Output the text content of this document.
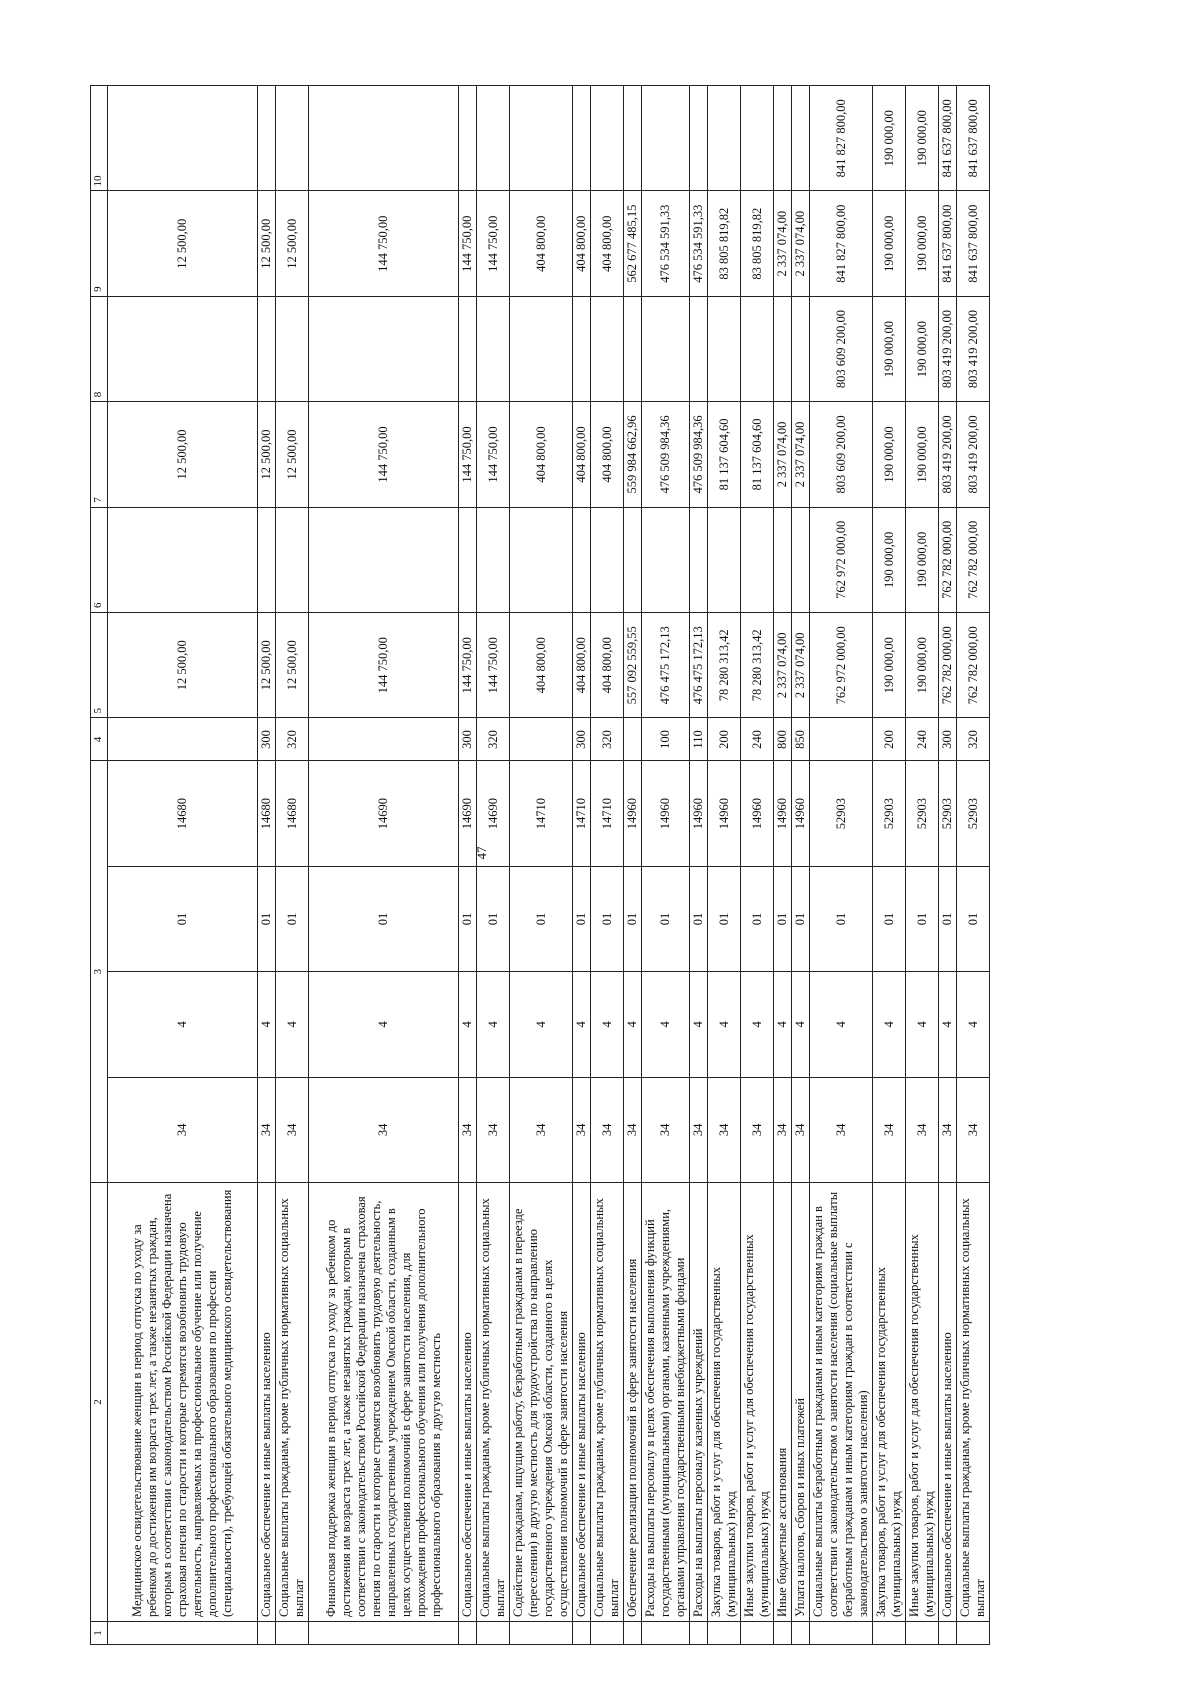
47
1	2	3				4	5	6	7	8	9	10
	Медицинское освидетельствование женщин в период отпуска по уходу за ребенком до достижения им возраста трех лет, а также незанятых граждан, которым в соответствии с законодательством Российской Федерации назначена страховая пенсия по старости и которые стремятся возобновить трудовую деятельность, направляемых на профессиональное обучение или получение дополнительного профессионального образования по профессии (специальности), требующей обязательного медицинского освидетельствования	34	4	01	14680		12 500,00		12 500,00		12 500,00	
	Социальное обеспечение и иные выплаты населению	34	4	01	14680	300	12 500,00		12 500,00		12 500,00	
	Социальные выплаты гражданам, кроме публичных нормативных социальных выплат	34	4	01	14680	320	12 500,00		12 500,00		12 500,00	
	Финансовая поддержка женщин в период отпуска по уходу за ребенком до достижения им возраста трех лет, а также незанятых граждан, которым в соответствии с законодательством Российской Федерации назначена страховая пенсия по старости и которые стремятся возобновить трудовую деятельность, направленных государственным учреждением Омской области, созданным в целях осуществления полномочий в сфере занятости населения, для прохождения профессионального обучения или получения дополнительного профессионального образования в другую местность	34	4	01	14690		144 750,00		144 750,00		144 750,00	
	Социальное обеспечение и иные выплаты населению	34	4	01	14690	300	144 750,00		144 750,00		144 750,00	
	Социальные выплаты гражданам, кроме публичных нормативных социальных выплат	34	4	01	14690	320	144 750,00		144 750,00		144 750,00	
	Содействие гражданам, ищущим работу, безработным гражданам в переезде (переселении) в другую местность для трудоустройства по направлению государственного учреждения Омской области, созданного в целях осуществления полномочий в сфере занятости населения	34	4	01	14710		404 800,00		404 800,00		404 800,00	
	Социальное обеспечение и иные выплаты населению	34	4	01	14710	300	404 800,00		404 800,00		404 800,00	
	Социальные выплаты гражданам, кроме публичных нормативных социальных выплат	34	4	01	14710	320	404 800,00		404 800,00		404 800,00	
	Обеспечение реализации полномочий в сфере занятости населения	34	4	01	14960		557 092 559,55		559 984 662,96		562 677 485,15	
	Расходы на выплаты персоналу в целях обеспечения выполнения функций государственными (муниципальными) органами, казенными учреждениями, органами управления государственными внебюджетными фондами	34	4	01	14960	100	476 475 172,13		476 509 984,36		476 534 591,33	
	Расходы на выплаты персоналу казенных учреждений	34	4	01	14960	110	476 475 172,13		476 509 984,36		476 534 591,33	
	Закупка товаров, работ и услуг для обеспечения государственных (муниципальных) нужд	34	4	01	14960	200	78 280 313,42		81 137 604,60		83 805 819,82	
	Иные закупки товаров, работ и услуг для обеспечения государственных (муниципальных) нужд	34	4	01	14960	240	78 280 313,42		81 137 604,60		83 805 819,82	
	Иные бюджетные ассигнования	34	4	01	14960	800	2 337 074,00		2 337 074,00		2 337 074,00	
	Уплата налогов, сборов и иных платежей	34	4	01	14960	850	2 337 074,00		2 337 074,00		2 337 074,00	
	Социальные выплаты безработным гражданам и иным категориям граждан в соответствии с законодательством о занятости населения (социальные выплаты безработным гражданам и иным категориям граждан в соответствии с законодательством о занятости населения)	34	4	01	52903		762 972 000,00	762 972 000,00	803 609 200,00	803 609 200,00	841 827 800,00	841 827 800,00
	Закупка товаров, работ и услуг для обеспечения государственных (муниципальных) нужд	34	4	01	52903	200	190 000,00	190 000,00	190 000,00	190 000,00	190 000,00	190 000,00
	Иные закупки товаров, работ и услуг для обеспечения государственных (муниципальных) нужд	34	4	01	52903	240	190 000,00	190 000,00	190 000,00	190 000,00	190 000,00	190 000,00
	Социальное обеспечение и иные выплаты населению	34	4	01	52903	300	762 782 000,00	762 782 000,00	803 419 200,00	803 419 200,00	841 637 800,00	841 637 800,00
	Социальные выплаты гражданам, кроме публичных нормативных социальных выплат	34	4	01	52903	320	762 782 000,00	762 782 000,00	803 419 200,00	803 419 200,00	841 637 800,00	841 637 800,00
